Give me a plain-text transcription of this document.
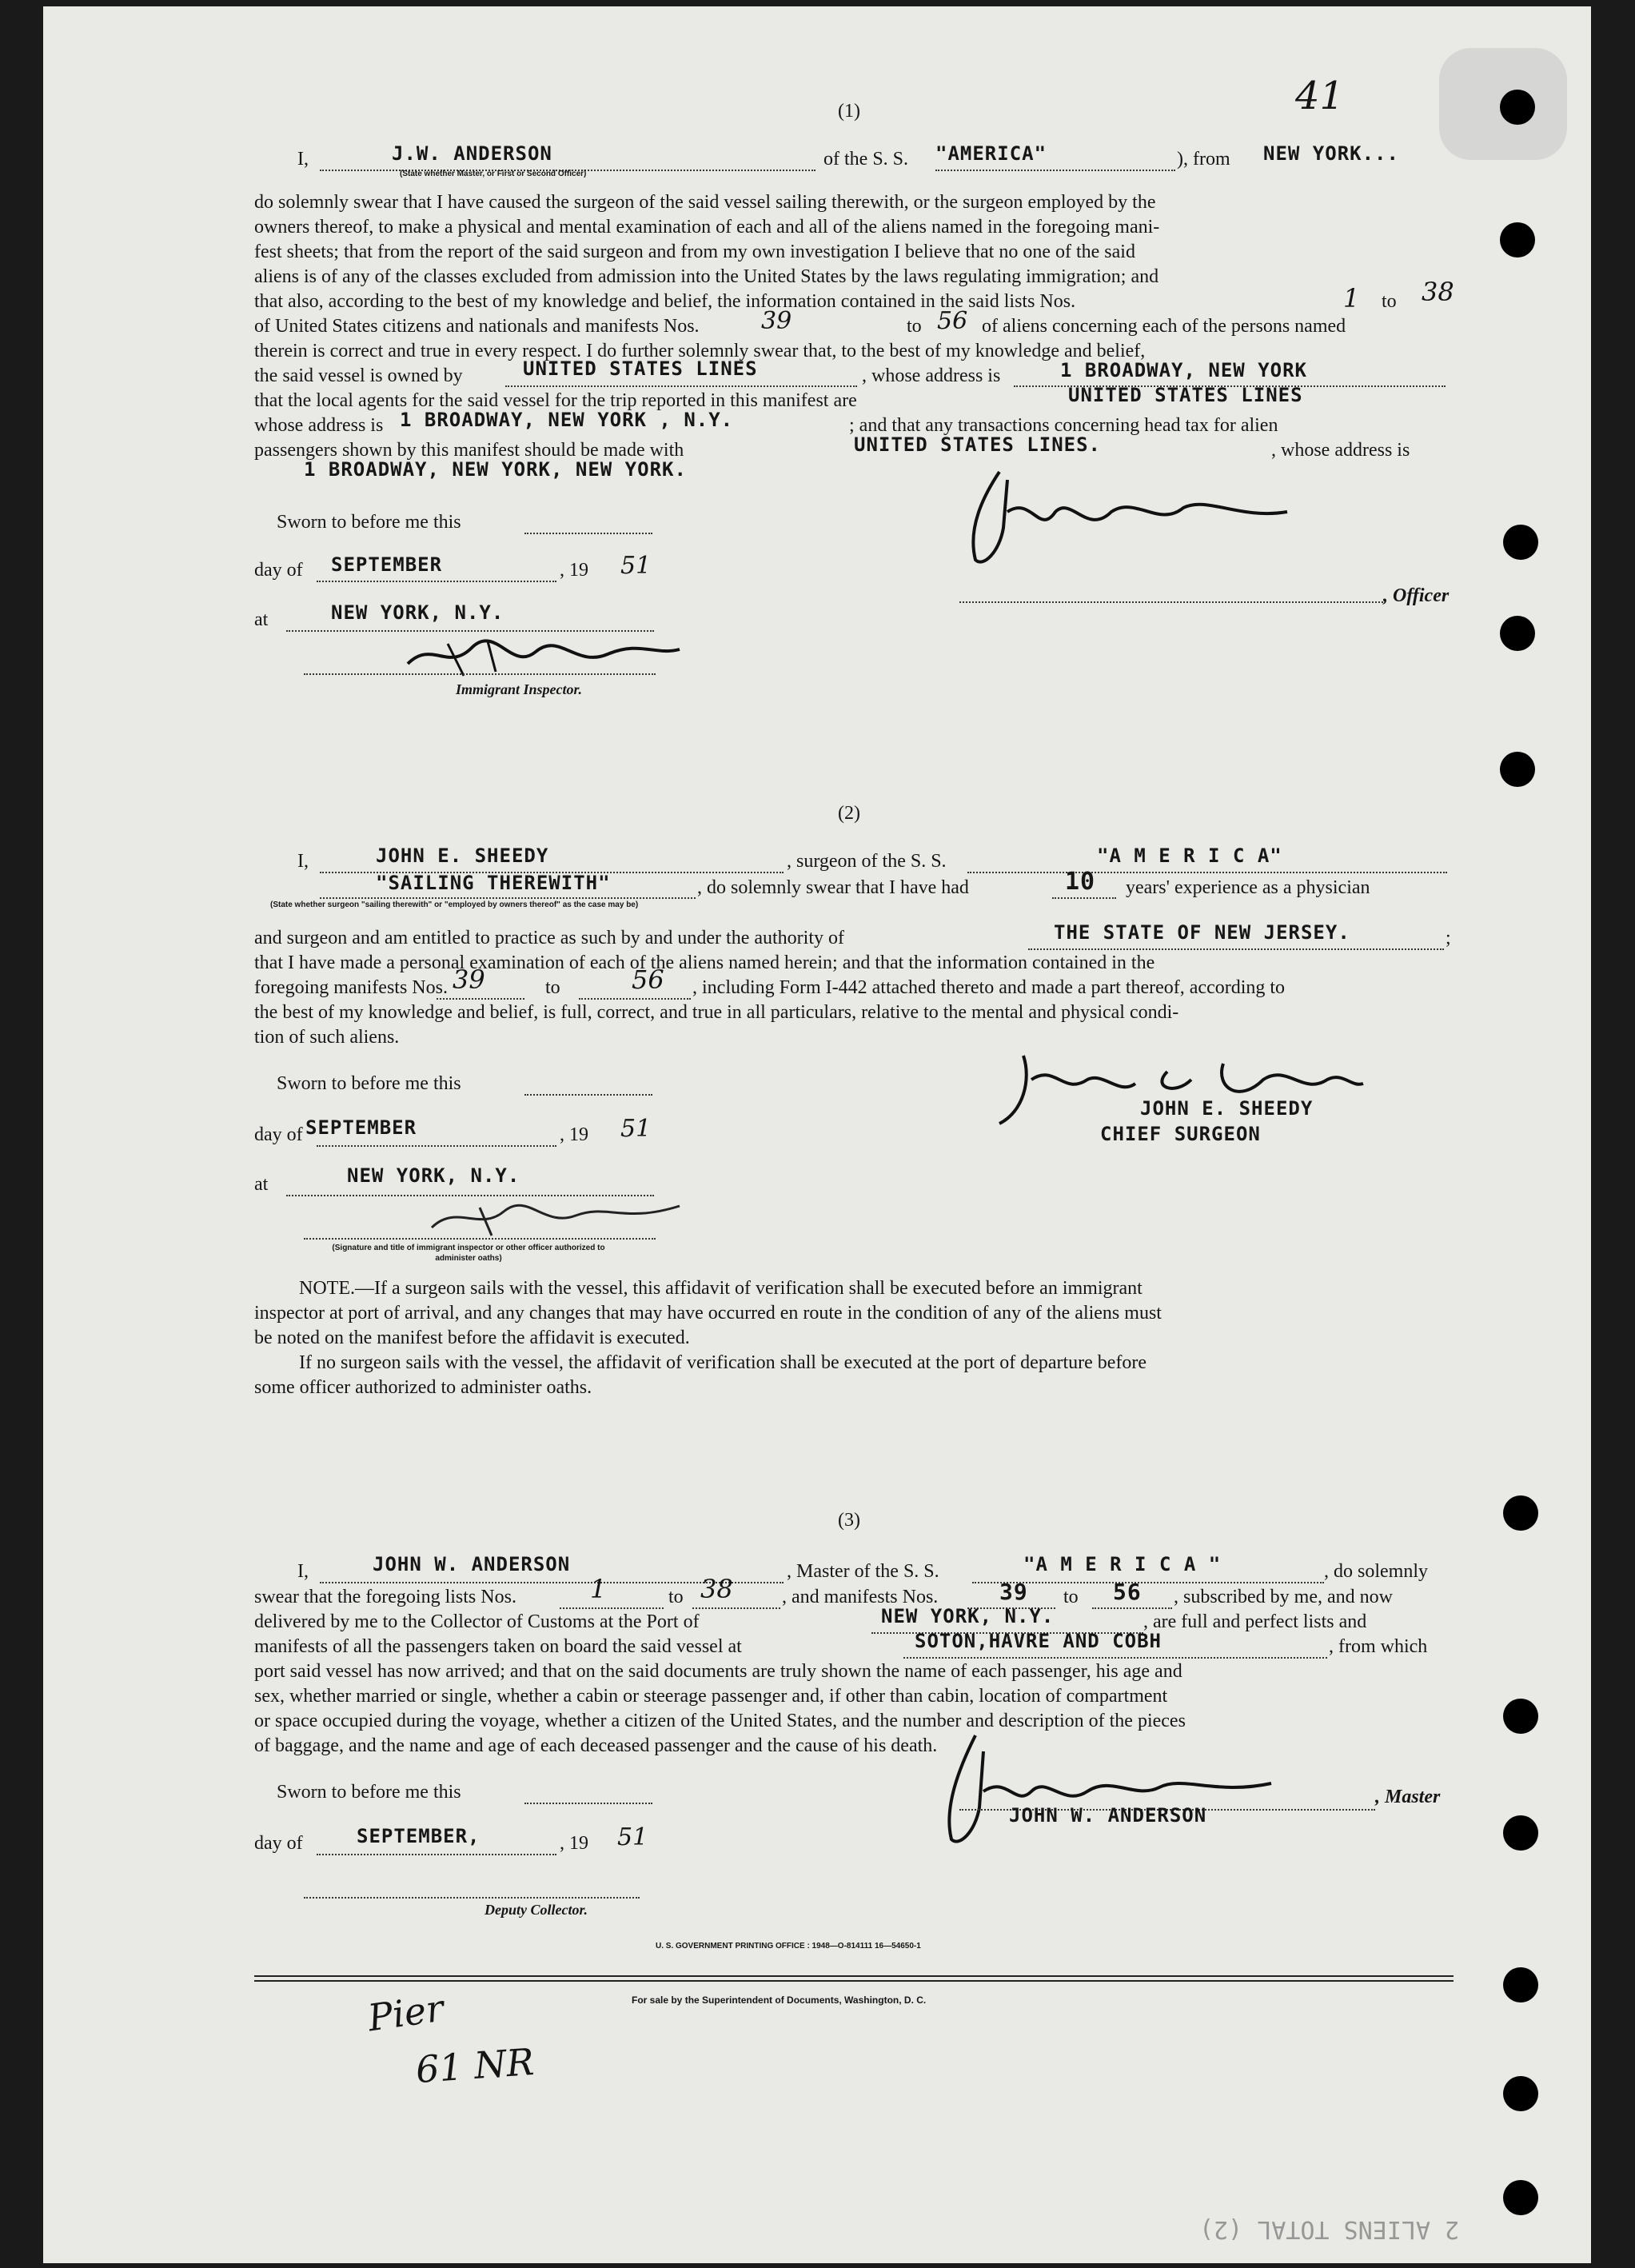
41
(1)
I,	J.W. ANDERSON
(State whether Master, or First or Second Officer)
of the S. S. "AMERICA"	), from NEW YORK...
do solemnly swear that I have caused the surgeon of the said vessel sailing therewith, or the surgeon employed by the
owners thereof, to make a physical and mental examination of each and all of the aliens named in the foregoing mani-
fest sheets; that from the report of the said surgeon and from my own investigation I believe that no one of the said
aliens is of any of the classes excluded from admission into the United States by the laws regulating immigration; and
that also, according to the best of my knowledge and belief, the information contained in the said lists Nos.	1 to 38
of United States citizens and nationals and manifests Nos.	39	to 56 of aliens concerning each of the persons named
therein is correct and true in every respect. I do further solemnly swear that, to the best of my knowledge and belief,
the said vessel is owned by	UNITED STATES LINES	, whose address is	1 BROADWAY, NEW YORK
that the local agents for the said vessel for the trip reported in this manifest are	UNITED STATES LINES
whose address is 1 BROADWAY, NEW YORK , N.Y.	; and that any transactions concerning head tax for alien
passengers shown by this manifest should be made with	UNITED STATES LINES.	, whose address is
1 BROADWAY, NEW YORK, NEW YORK.
Sworn to before me this
day of SEPTEMBER	, 19 51
at	NEW YORK, N.Y.
Immigrant Inspector.
, Officer
(2)
I,	JOHN E. SHEEDY	, surgeon of the S. S.	"A M E R I C A"
"SAILING THEREWITH"	, do solemnly swear that I have had	10 years' experience as a physician
(State whether surgeon "sailing therewith" or "employed by owners thereof" as the case may be)
and surgeon and am entitled to practice as such by and under the authority of	THE STATE OF NEW JERSEY.	;
that I have made a personal examination of each of the aliens named herein; and that the information contained in the
foregoing manifests Nos. 39	to	56 , including Form I-442 attached thereto and made a part thereof, according to
the best of my knowledge and belief, is full, correct, and true in all particulars, relative to the mental and physical condi-
tion of such aliens.
Sworn to before me this
day of SEPTEMBER	, 19 51
at	NEW YORK, N.Y.
(Signature and title of immigrant inspector or other officer authorized to administer oaths)
JOHN E. SHEEDY
CHIEF SURGEON
NOTE.—If a surgeon sails with the vessel, this affidavit of verification shall be executed before an immigrant
inspector at port of arrival, and any changes that may have occurred en route in the condition of any of the aliens must
be noted on the manifest before the affidavit is executed.
If no surgeon sails with the vessel, the affidavit of verification shall be executed at the port of departure before
some officer authorized to administer oaths.
(3)
I,	JOHN W. ANDERSON	, Master of the S. S.	"A M E R I C A "	, do solemnly
swear that the foregoing lists Nos.	1	to 38	, and manifests Nos.	39 to 56 , subscribed by me, and now
delivered by me to the Collector of Customs at the Port of	NEW YORK, N.Y.	, are full and perfect lists and
manifests of all the passengers taken on board the said vessel at	SOTON,HAVRE AND COBH	, from which
port said vessel has now arrived; and that on the said documents are truly shown the name of each passenger, his age and
sex, whether married or single, whether a cabin or steerage passenger and, if other than cabin, location of compartment
or space occupied during the voyage, whether a citizen of the United States, and the number and description of the pieces
of baggage, and the name and age of each deceased passenger and the cause of his death.
Sworn to before me this
day of	SEPTEMBER,	, 19 51
, Master
JOHN W. ANDERSON
Deputy Collector.
U. S. GOVERNMENT PRINTING OFFICE : 1948—O-814111 16—54650-1
For sale by the Superintendent of Documents, Washington, D. C.
Pier
61 NR
2 ALIENS TOTAL (2)
